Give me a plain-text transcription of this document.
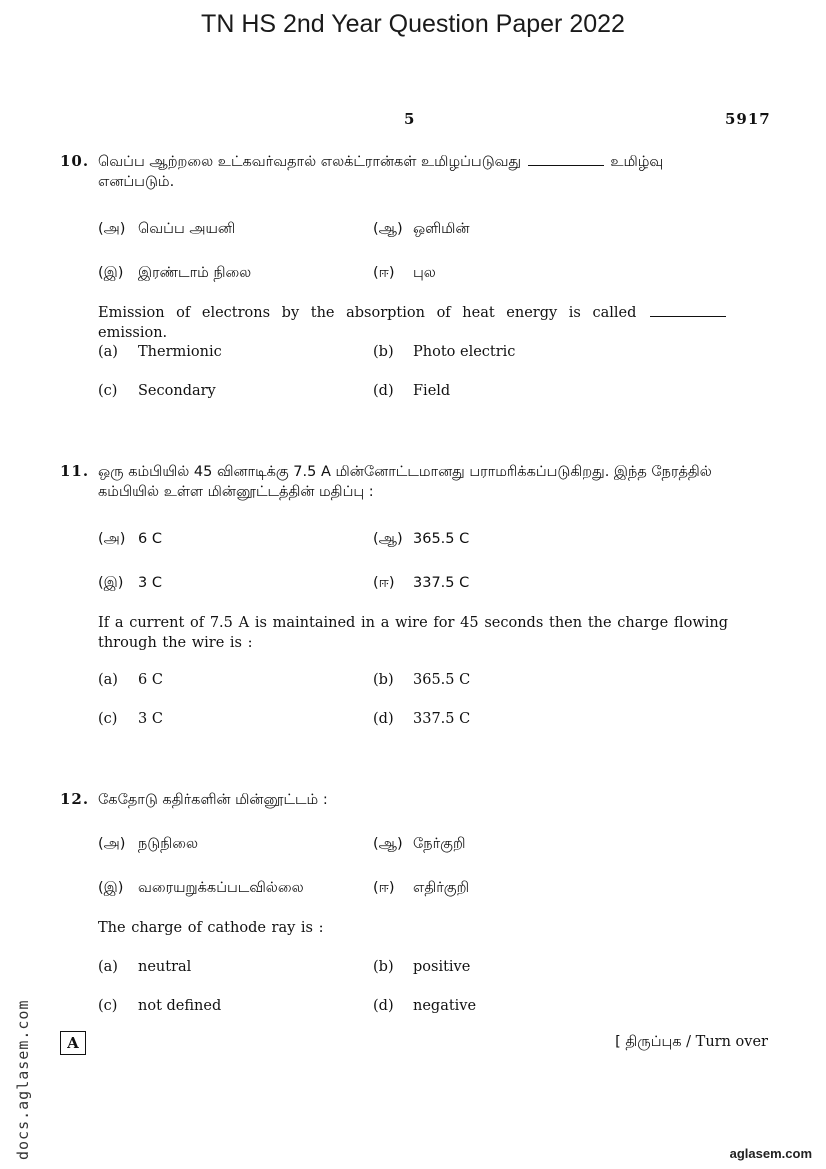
TN HS 2nd Year Question Paper 2022
5	5917
10. வெப்ப ஆற்றலை உட்கவர்வதால் எலக்ட்ரான்கள் உமிழப்படுவது	உமிழ்வு
எனப்படும்.
(அ) வெப்ப அயனி	(ஆ) ஒளிமின்
(இ) இரண்டாம் நிலை	(ஈ) புல
Emission of electrons by the absorption of heat energy is called  emission.
(a) Thermionic	(b) Photo electric
(c) Secondary	(d) Field
11. ஒரு கம்பியில் 45 வினாடிக்கு 7.5 A மின்னோட்டமானது பராமரிக்கப்படுகிறது. இந்த நேரத்தில் கம்பியில் உள்ள மின்னூட்டத்தின் மதிப்பு :
(அ) 6 C	(ஆ) 365.5 C
(இ) 3 C	(ஈ) 337.5 C
If a current of 7.5 A is maintained in a wire for 45 seconds then the charge flowing through the wire is :
(a) 6 C	(b) 365.5 C
(c) 3 C	(d) 337.5 C
12. கேதோடு கதிர்களின் மின்னூட்டம் :
(அ) நடுநிலை	(ஆ) நேர்குறி
(இ) வரையறுக்கப்படவில்லை	(ஈ) எதிர்குறி
The charge of cathode ray is :
(a) neutral	(b) positive
(c) not defined	(d) negative
A	[ திருப்புக / Turn over
docs.aglasem.com	aglasem.com
